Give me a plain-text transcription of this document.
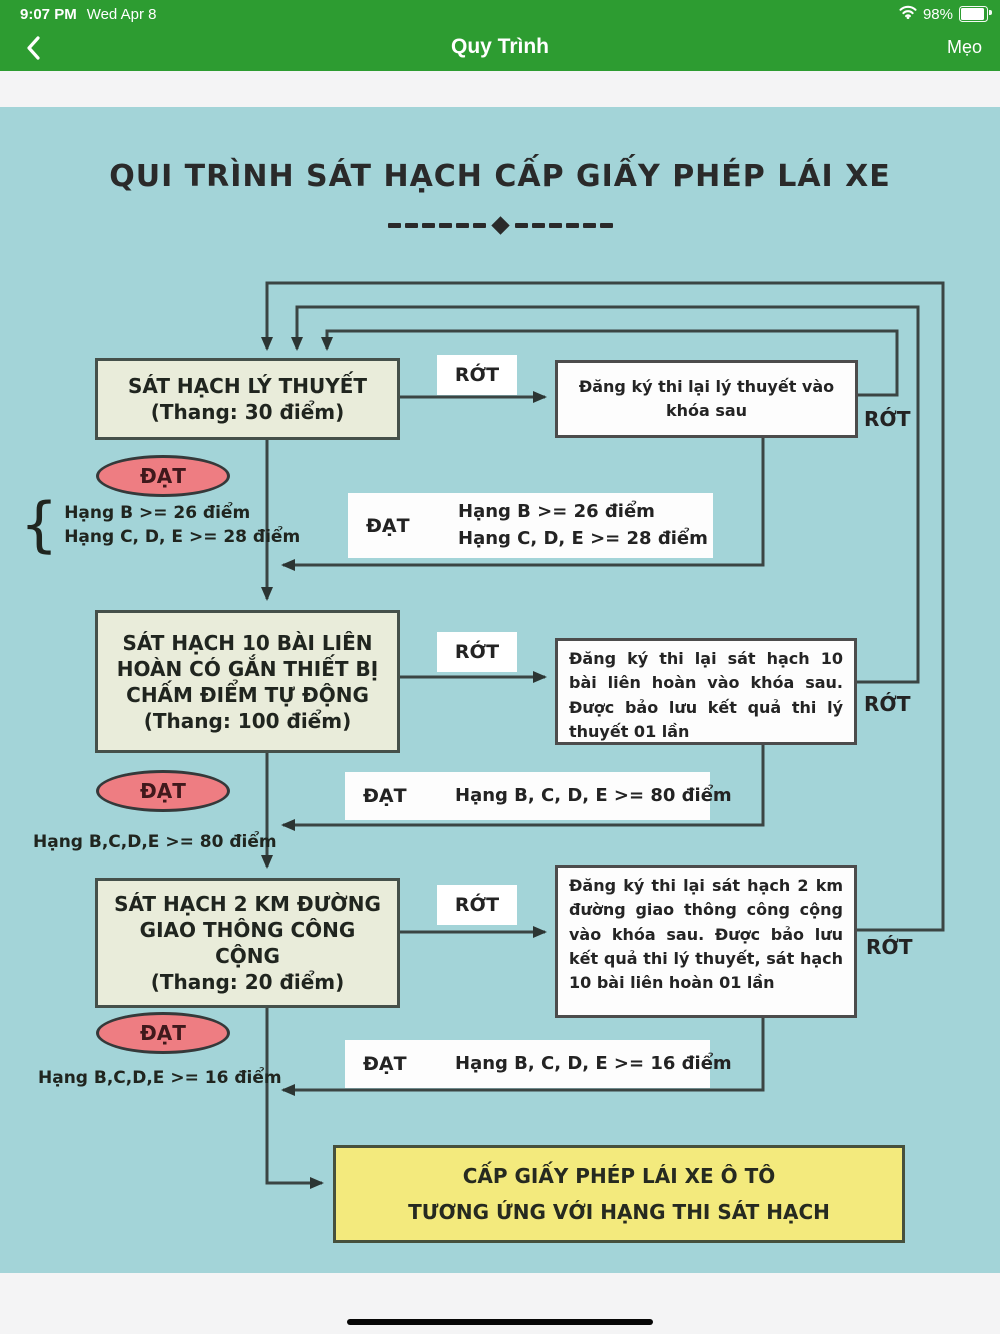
9:07 PM Wed Apr 8	98%
Quy Trình	Mẹo
QUI TRÌNH SÁT HẠCH CẤP GIẤY PHÉP LÁI XE
SÁT HẠCH LÝ THUYẾT
(Thang: 30 điểm)
RỚT
Đăng ký thi lại lý thuyết vào khóa sau	RỚT
ĐẠT
{ Hạng B >= 26 điểm
Hạng C, D, E >= 28 điểm
ĐẠT
Hạng B >= 26 điểm
Hạng C, D, E >= 28 điểm
SÁT HẠCH 10 BÀI LIÊN HOÀN CÓ GẮN THIẾT BỊ CHẤM ĐIỂM TỰ ĐỘNG
(Thang: 100 điểm)
RỚT	Đăng ký thi lại sát hạch 10 bài liên hoàn vào khóa sau. Được bảo lưu kết quả thi lý thuyết 01 lần
RỚT
ĐẠT
Hạng B,C,D,E >= 80 điểm
ĐẠT	Hạng B, C, D, E >= 80 điểm
SÁT HẠCH 2 KM ĐƯỜNG GIAO THÔNG CÔNG CỘNG
(Thang: 20 điểm)
RỚT
Đăng ký thi lại sát hạch 2 km đường giao thông công cộng vào khóa sau. Được bảo lưu kết quả thi lý thuyết, sát hạch 10 bài liên hoàn 01 lần
RỚT
ĐẠT
Hạng B,C,D,E >= 16 điểm
ĐẠT	Hạng B, C, D, E >= 16 điểm
CẤP GIẤY PHÉP LÁI XE Ô TÔ
TƯƠNG ỨNG VỚI HẠNG THI SÁT HẠCH
